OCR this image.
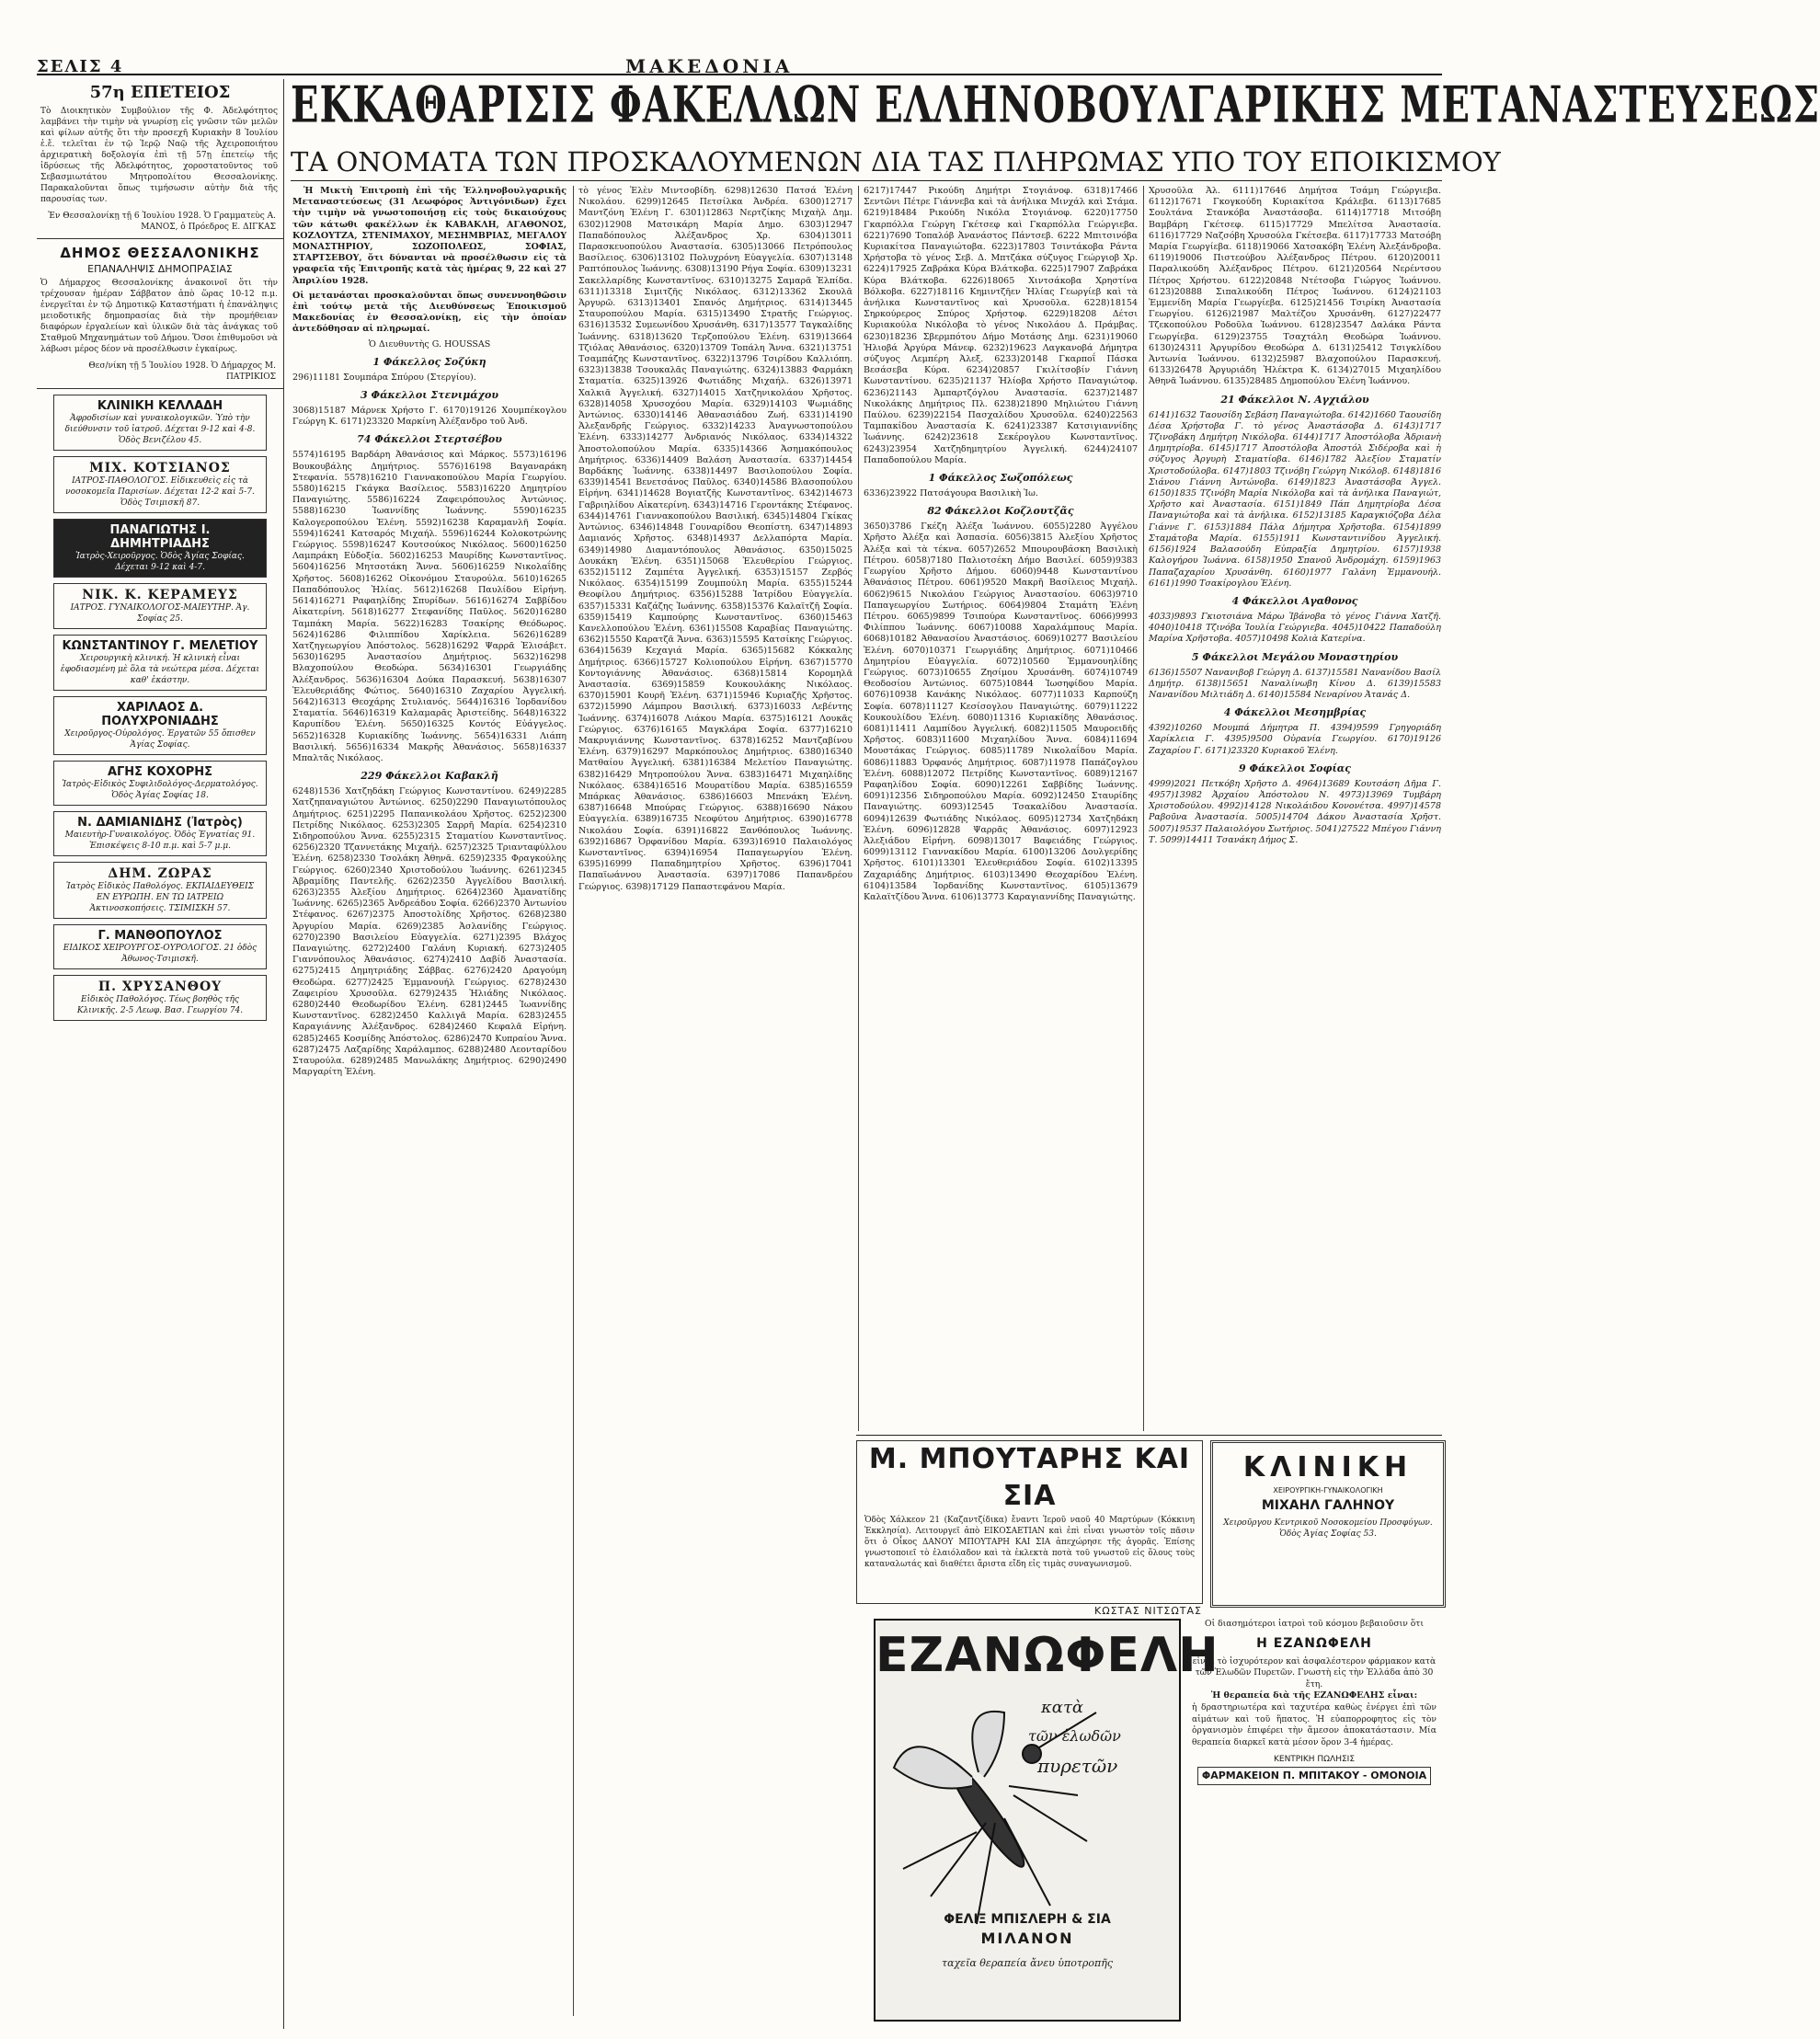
ΣΕΛΙΣ 4	ΜΑΚΕΔΟΝΙΑ
57η ΕΠΕΤΕΙΟΣ
Τὸ Διοικητικὸν Συμβούλιον τῆς Φ. Ἀδελφότητος λαμβάνει τὴν τιμὴν νὰ γνωρίσῃ εἰς γνῶσιν τῶν μελῶν καὶ φίλων αὐτῆς ὅτι τὴν προσεχῆ Κυριακὴν 8 Ἰουλίου ἑ.ἔ. τελεῖται ἐν τῷ Ἱερῷ Ναῷ τῆς Ἀχειροποιήτου ἀρχιερατικὴ δοξολογία ἐπὶ τῇ 57ῃ ἐπετείῳ τῆς ἱδρύσεως τῆς Ἀδελφότητος, χοροστατοῦντος τοῦ Σεβασμιωτάτου Μητροπολίτου Θεσσαλονίκης. Παρακαλοῦνται ὅπως τιμήσωσιν αὐτὴν διὰ τῆς παρουσίας των.
Ἐν Θεσσαλονίκῃ τῇ 6 Ἰουλίου 1928. Ὁ Γραμματεὺς Α. ΜΑΝΟΣ, ὁ Πρόεδρος Ε. ΔΙΓΚΑΣ
ΔΗΜΟΣ ΘΕΣΣΑΛΟΝΙΚΗΣ
ΕΠΑΝΑΛΗΨΙΣ ΔΗΜΟΠΡΑΣΙΑΣ
Ὁ Δήμαρχος Θεσσαλονίκης ἀνακοινοῖ ὅτι τὴν τρέχουσαν ἡμέραν Σάββατον ἀπὸ ὥρας 10-12 π.μ. ἐνεργεῖται ἐν τῷ Δημοτικῷ Καταστήματι ἡ ἐπανάληψις μειοδοτικῆς δημοπρασίας διὰ τὴν προμήθειαν διαφόρων ἐργαλείων καὶ ὑλικῶν διὰ τὰς ἀνάγκας τοῦ Σταθμοῦ Μηχανημάτων τοῦ Δήμου. Ὅσοι ἐπιθυμοῦσι νὰ λάβωσι μέρος δέον νὰ προσέλθωσιν ἐγκαίρως.
Θεσ/νίκη τῇ 5 Ἰουλίου 1928. Ὁ Δήμαρχος Μ. ΠΑΤΡΙΚΙΟΣ
ΚΛΙΝΙΚΗ ΚΕΛΛΑΔΗ
Ἀφροδισίων καὶ γυναικολογικῶν. Ὑπὸ τὴν διεύθυνσιν τοῦ ἰατροῦ. Δέχεται 9-12 καὶ 4-8. Ὁδὸς Βενιζέλου 45.
ΜΙΧ. ΚΟΤΣΙΑΝΟΣ
ΙΑΤΡΟΣ-ΠΑΘΟΛΟΓΟΣ. Εἰδικευθεὶς εἰς τὰ νοσοκομεῖα Παρισίων. Δέχεται 12-2 καὶ 5-7. Ὁδὸς Τσιμισκῆ 87.
ΠΑΝΑΓΙΩΤΗΣ Ι. ΔΗΜΗΤΡΙΑΔΗΣ
Ἰατρὸς-Χειροῦργος. Ὁδὸς Ἁγίας Σοφίας. Δέχεται 9-12 καὶ 4-7.
ΝΙΚ. Κ. ΚΕΡΑΜΕΥΣ
ΙΑΤΡΟΣ. ΓΥΝΑΙΚΟΛΟΓΟΣ-ΜΑΙΕΥΤΗΡ. Ἁγ. Σοφίας 25.
ΚΩΝΣΤΑΝΤΙΝΟΥ Γ. ΜΕΛΕΤΙΟΥ
Χειρουργικὴ κλινική. Ἡ κλινικὴ εἶναι ἐφοδιασμένη μὲ ὅλα τὰ νεώτερα μέσα. Δέχεται καθ' ἑκάστην.
ΧΑΡΙΛΑΟΣ Δ. ΠΟΛΥΧΡΟΝΙΑΔΗΣ
Χειροῦργος-Οὐρολόγος. Ἐργατῶν 55 ὄπισθεν Ἁγίας Σοφίας.
ΑΓΗΣ ΚΟΧΟΡΗΣ
Ἰατρὸς-Εἰδικὸς Συφιλιδολόγος-Δερματολόγος. Ὁδὸς Ἁγίας Σοφίας 18.
Ν. ΔΑΜΙΑΝΙΔΗΣ (Ἰατρὸς)
Μαιευτὴρ-Γυναικολόγος. Ὁδὸς Ἐγνατίας 91. Ἐπισκέψεις 8-10 π.μ. καὶ 5-7 μ.μ.
ΔΗΜ. ΖΩΡΑΣ
Ἰατρὸς Εἰδικὸς Παθολόγος. ΕΚΠΑΙΔΕΥΘΕΙΣ ΕΝ ΕΥΡΩΠΗ. ΕΝ ΤΩ ΙΑΤΡΕΙΩ Ἀκτινοσκοπήσεις. ΤΣΙΜΙΣΚΗ 57.
Γ. ΜΑΝΘΟΠΟΥΛΟΣ
ΕΙΔΙΚΟΣ ΧΕΙΡΟΥΡΓΟΣ-ΟΥΡΟΛΟΓΟΣ. 21 ὁδὸς Ἀθωνος-Τσιμισκῆ.
Π. ΧΡΥΣΑΝΘΟΥ
Εἰδικὸς Παθολόγος. Τέως βοηθὸς τῆς Κλινικῆς. 2-5 Λεωφ. Βασ. Γεωργίου 74.
ΕΚΚΑΘΑΡΙΣΙΣ ΦΑΚΕΛΛΩΝ ΕΛΛΗΝΟΒΟΥΛΓΑΡΙΚΗΣ ΜΕΤΑΝΑΣΤΕΥΣΕΩΣ
ΤΑ ΟΝΟΜΑΤΑ ΤΩΝ ΠΡΟΣΚΑΛΟΥΜΕΝΩΝ ΔΙΑ ΤΑΣ ΠΛΗΡΩΜΑΣ ΥΠΟ ΤΟΥ ΕΠΟΙΚΙΣΜΟΥ

Ἡ Μικτὴ Ἐπιτροπὴ ἐπὶ τῆς Ἑλληνοβουλγαρικῆς Μεταναστεύσεως (31 Λεωφόρος Ἀντιγόνιδων) ἔχει τὴν τιμὴν νὰ γνωστοποιήσῃ εἰς τοὺς δικαιούχους τῶν κάτωθι φακέλλων ἐκ ΚΑΒΑΚΛΗ, ΑΓΑΘΟΝΟΣ, ΚΟΖΛΟΥΤΖΑ, ΣΤΕΝΙΜΑΧΟΥ, ΜΕΣΗΜΒΡΙΑΣ, ΜΕΓΑΛΟΥ ΜΟΝΑΣΤΗΡΙΟΥ, ΣΩΖΟΠΟΛΕΩΣ, ΣΟΦΙΑΣ, ΣΤΑΡΤΣΕΒΟΥ, ὅτι δύνανται νὰ προσέλθωσιν εἰς τὰ γραφεῖα τῆς Ἐπιτροπῆς κατὰ τὰς ἡμέρας 9, 22 καὶ 27 Ἀπριλίου 1928.

Οἱ μετανάσται προσκαλοῦνται ὅπως συνεννοηθῶσιν ἐπὶ τούτῳ μετὰ τῆς Διευθύνσεως Ἐποικισμοῦ Μακεδονίας ἐν Θεσσαλονίκῃ, εἰς τὴν ὁποίαν ἀντεδόθησαν αἱ πληρωμαί.

Ὁ Διευθυντὴς G. HOUSSAS

1 Φάκελλος Σοζύκη

296)11181 Σουμπάρα Σπύρου (Στεργίου).

3 Φάκελλοι Στενιμάχου

3068)15187 Μάρνεκ Χρήστο Γ. 6170)19126 Χουμπέκογλου Γεώργη Κ. 6171)23320 Μαρκίνη Ἀλέξανδρο τοῦ Ἀνδ.

74 Φάκελλοι Στερτσέβου

5574)16195 Βαρδάρη Ἀθανάσιος καὶ Μάρκος. 5573)16196 Βουκουβάλης Δημήτριος. 5576)16198 Βαγαναράκη Στεφανία. 5578)16210 Γιαννακοπούλου Μαρία Γεωργίου. 5580)16215 Γκάγκα Βασίλειος. 5583)16220 Δημητρίου Παναγιώτης. 5586)16224 Ζαφειρόπουλος Ἀντώνιος. 5588)16230 Ἰωαννίδης Ἰωάννης. 5590)16235 Καλογεροπούλου Ἑλένη. 5592)16238 Καραμανλῆ Σοφία. 5594)16241 Κατσαρός Μιχαήλ. 5596)16244 Κολοκοτρώνης Γεώργιος. 5598)16247 Κουτσούκος Νικόλαος. 5600)16250 Λαμπράκη Εὐδοξία. 5602)16253 Μαυρίδης Κωνσταντῖνος. 5604)16256 Μητσοτάκη Ἄννα. 5606)16259 Νικολαΐδης Χρῆστος. 5608)16262 Οἰκονόμου Σταυρούλα. 5610)16265 Παπαδόπουλος Ἠλίας. 5612)16268 Παυλίδου Εἰρήνη. 5614)16271 Ραφαηλίδης Σπυρίδων. 5616)16274 Σαββίδου Αἰκατερίνη. 5618)16277 Στεφανίδης Παῦλος. 5620)16280 Ταμπάκη Μαρία. 5622)16283 Τσακίρης Θεόδωρος. 5624)16286 Φιλιππίδου Χαρίκλεια. 5626)16289 Χατζηγεωργίου Ἀπόστολος. 5628)16292 Ψαρρᾶ Ἐλισάβετ. 5630)16295 Ἀναστασίου Δημήτριος. 5632)16298 Βλαχοπούλου Θεοδώρα. 5634)16301 Γεωργιάδης Ἀλέξανδρος. 5636)16304 Δούκα Παρασκευή. 5638)16307 Ἐλευθεριάδης Φώτιος. 5640)16310 Ζαχαρίου Ἀγγελική. 5642)16313 Θεοχάρης Στυλιανός. 5644)16316 Ἰορδανίδου Σταματία. 5646)16319 Καλαμαρᾶς Ἀριστείδης. 5648)16322 Καρυπίδου Ἑλένη. 5650)16325 Κοντός Εὐάγγελος. 5652)16328 Κυριακίδης Ἰωάννης. 5654)16331 Λιάπη Βασιλική. 5656)16334 Μακρῆς Ἀθανάσιος. 5658)16337 Μπαλτᾶς Νικόλαος.

229 Φάκελλοι Καβακλῆ

6248)1536 Χατζηδάκη Γεώργιος Κωνσταντίνου. 6249)2285 Χατζηπαναγιώτου Ἀντώνιος. 6250)2290 Παναγιωτόπουλος Δημήτριος. 6251)2295 Παπανικολάου Χρῆστος. 6252)2300 Πετρίδης Νικόλαος. 6253)2305 Σαρρῆ Μαρία. 6254)2310 Σιδηροπούλου Ἄννα. 6255)2315 Σταματίου Κωνσταντῖνος. 6256)2320 Τζαννετάκης Μιχαήλ. 6257)2325 Τριανταφύλλου Ἑλένη. 6258)2330 Τσολάκη Ἀθηνᾶ. 6259)2335 Φραγκούλης Γεώργιος. 6260)2340 Χριστοδούλου Ἰωάννης. 6261)2345 Ἀβραμίδης Παντελῆς. 6262)2350 Ἀγγελίδου Βασιλική. 6263)2355 Ἀλεξίου Δημήτριος. 6264)2360 Ἀμανατίδης Ἰωάννης. 6265)2365 Ἀνδρεάδου Σοφία. 6266)2370 Ἀντωνίου Στέφανος. 6267)2375 Ἀποστολίδης Χρῆστος. 6268)2380 Ἀργυρίου Μαρία. 6269)2385 Ἀσλανίδης Γεώργιος. 6270)2390 Βασιλείου Εὐαγγελία. 6271)2395 Βλάχος Παναγιώτης. 6272)2400 Γαλάνη Κυριακή. 6273)2405 Γιαννόπουλος Ἀθανάσιος. 6274)2410 Δαβίδ Ἀναστασία. 6275)2415 Δημητριάδης Σάββας. 6276)2420 Δραγούμη Θεοδώρα. 6277)2425 Ἐμμανουήλ Γεώργιος. 6278)2430 Ζαφειρίου Χρυσοῦλα. 6279)2435 Ἠλιάδης Νικόλαος. 6280)2440 Θεοδωρίδου Ἑλένη. 6281)2445 Ἰωαννίδης Κωνσταντῖνος. 6282)2450 Καλλιγᾶ Μαρία. 6283)2455 Καραγιάννης Ἀλέξανδρος. 6284)2460 Κεφαλᾶ Εἰρήνη. 6285)2465 Κοσμίδης Ἀπόστολος. 6286)2470 Κυπραίου Ἄννα. 6287)2475 Λαζαρίδης Χαράλαμπος. 6288)2480 Λεονταρίδου Σταυρούλα. 6289)2485 Μανωλάκης Δημήτριος. 6290)2490 Μαργαρίτη Ἑλένη.

τὸ γένος Ἐλὲν Μιντσοβίδη. 6298)12630 Πατσά Ἑλένη Νικολάου. 6299)12645 Πετσίλκα Ἀνδρέα. 6300)12717 Μαντζόνη Ἑλένη Γ. 6301)12863 Νερτζίκης Μιχαὴλ Δημ. 6302)12908 Ματσικάρη Μαρία Δημο. 6303)12947 Παπαδόπουλος Ἀλέξανδρος Χρ. 6304)13011 Παρασκευοπούλου Ἀναστασία. 6305)13066 Πετρόπουλος Βασίλειος. 6306)13102 Πολυχρόνη Εὐαγγελία. 6307)13148 Ραπτόπουλος Ἰωάννης. 6308)13190 Ρήγα Σοφία. 6309)13231 Σακελλαρίδης Κωνσταντῖνος. 6310)13275 Σαμαρᾶ Ἐλπίδα. 6311)13318 Σιμιτζῆς Νικόλαος. 6312)13362 Σκουλᾶ Ἀργυρῶ. 6313)13401 Σπανός Δημήτριος. 6314)13445 Σταυροπούλου Μαρία. 6315)13490 Στρατῆς Γεώργιος. 6316)13532 Συμεωνίδου Χρυσάνθη. 6317)13577 Ταγκαλίδης Ἰωάννης. 6318)13620 Τερζοπούλου Ἑλένη. 6319)13664 Τζιόλας Ἀθανάσιος. 6320)13709 Τοπάλη Ἄννα. 6321)13751 Τσαμπάζης Κωνσταντῖνος. 6322)13796 Τσιρίδου Καλλιόπη. 6323)13838 Τσουκαλᾶς Παναγιώτης. 6324)13883 Φαρμάκη Σταματία. 6325)13926 Φωτιάδης Μιχαήλ. 6326)13971 Χαλκιᾶ Ἀγγελική. 6327)14015 Χατζηνικολάου Χρῆστος. 6328)14058 Χρυσοχόου Μαρία. 6329)14103 Ψωμιάδης Ἀντώνιος. 6330)14146 Ἀθανασιάδου Ζωή. 6331)14190 Ἀλεξανδρῆς Γεώργιος. 6332)14233 Ἀναγνωστοπούλου Ἑλένη. 6333)14277 Ἀνδριανός Νικόλαος. 6334)14322 Ἀποστολοπούλου Μαρία. 6335)14366 Ἀσημακόπουλος Δημήτριος. 6336)14409 Βαλάση Ἀναστασία. 6337)14454 Βαρδάκης Ἰωάννης. 6338)14497 Βασιλοπούλου Σοφία. 6339)14541 Βενετσάνος Παῦλος. 6340)14586 Βλασοπούλου Εἰρήνη. 6341)14628 Βογιατζῆς Κωνσταντῖνος. 6342)14673 Γαβριηλίδου Αἰκατερίνη. 6343)14716 Γεροντάκης Στέφανος. 6344)14761 Γιαννακοπούλου Βασιλική. 6345)14804 Γκίκας Ἀντώνιος. 6346)14848 Γουναρίδου Θεοπίστη. 6347)14893 Δαμιανός Χρῆστος. 6348)14937 Δελλαπόρτα Μαρία. 6349)14980 Διαμαντόπουλος Ἀθανάσιος. 6350)15025 Δουκάκη Ἑλένη. 6351)15068 Ἐλευθερίου Γεώργιος. 6352)15112 Ζαμπέτα Ἀγγελική. 6353)15157 Ζερβός Νικόλαος. 6354)15199 Ζουμπούλη Μαρία. 6355)15244 Θεοφίλου Δημήτριος. 6356)15288 Ἰατρίδου Εὐαγγελία. 6357)15331 Καζάζης Ἰωάννης. 6358)15376 Καλαϊτζῆ Σοφία. 6359)15419 Καμπούρης Κωνσταντῖνος. 6360)15463 Κανελλοπούλου Ἑλένη. 6361)15508 Καραβίας Παναγιώτης. 6362)15550 Καρατζᾶ Ἄννα. 6363)15595 Κατσίκης Γεώργιος. 6364)15639 Κεχαγιά Μαρία. 6365)15682 Κόκκαλης Δημήτριος. 6366)15727 Κολιοπούλου Εἰρήνη. 6367)15770 Κοντογιάννης Ἀθανάσιος. 6368)15814 Κορομηλᾶ Ἀναστασία. 6369)15859 Κουκουλάκης Νικόλαος. 6370)15901 Κουρῆ Ἑλένη. 6371)15946 Κυριαζῆς Χρῆστος. 6372)15990 Λάμπρου Βασιλική. 6373)16033 Λεβέντης Ἰωάννης. 6374)16078 Λιάκου Μαρία. 6375)16121 Λουκᾶς Γεώργιος. 6376)16165 Μαγκλάρα Σοφία. 6377)16210 Μακρυγιάννης Κωνσταντῖνος. 6378)16252 Μαντζαβίνου Ἑλένη. 6379)16297 Μαρκόπουλος Δημήτριος. 6380)16340 Ματθαίου Ἀγγελική. 6381)16384 Μελετίου Παναγιώτης. 6382)16429 Μητροπούλου Ἄννα. 6383)16471 Μιχαηλίδης Νικόλαος. 6384)16516 Μουρατίδου Μαρία. 6385)16559 Μπάρκας Ἀθανάσιος. 6386)16603 Μπενάκη Ἑλένη. 6387)16648 Μπούρας Γεώργιος. 6388)16690 Νάκου Εὐαγγελία. 6389)16735 Νεοφύτου Δημήτριος. 6390)16778 Νικολάου Σοφία. 6391)16822 Ξανθόπουλος Ἰωάννης. 6392)16867 Ὀρφανίδου Μαρία. 6393)16910 Παλαιολόγος Κωνσταντῖνος. 6394)16954 Παπαγεωργίου Ἑλένη. 6395)16999 Παπαδημητρίου Χρῆστος. 6396)17041 Παπαϊωάννου Ἀναστασία. 6397)17086 Παπανδρέου Γεώργιος. 6398)17129 Παπαστεφάνου Μαρία.

6217)17447 Ρικούδη Δημήτρι Στογιάνοφ. 6318)17466 Σεντῶνι Πέτρε Γιάννεβα καὶ τὰ ἀνήλικα Μινχάλ καὶ Στάμα. 6219)18484 Ρικούδη Νικόλα Στογιάνοφ. 6220)17750 Γκαρπόλλα Γεώργη Γκέτσεφ καὶ Γκαρπόλλα Γεώργιεβα. 6221)7690 Τοπαλόβ Ἀνανάστος Πάντσεβ. 6222 Μπιτσινόβα Κυριακίτσα Παναγιώτοβα. 6223)17803 Τσιντάκοβα Ράντα Χρήστοβα τὸ γένος Σεβ. Δ. Μπτζάκα σύζυγος Γεώργιοβ Χρ. 6224)17925 Ζαβράκα Κύρα Βλάτκοβα. 6225)17907 Ζαβράκα Κύρα Βλάτκοβα. 6226)18065 Χιντσάκοβα Χρηστίνα Βόλκοβα. 6227)18116 Κημιντζῆεν Ἠλίας Γεωργίεβ καὶ τὰ ἀνήλικα Κωνσταντῖνος καὶ Χρυσοῦλα. 6228)18154 Σηρκούρερος Σπύρος Χρήστοφ. 6229)18208 Δέτσι Κυριακούλα Νικόλοβα τὸ γένος Νικολάου Δ. Πράμβας. 6230)18236 Σβερμπότου Δήμο Μοτάσης Δημ. 6231)19060 Ἠλιοβά Ἀργύρα Μάνεφ. 6232)19623 Λαγκανοβά Δήμητρα σύζυγος Λεμπέρη Ἀλεξ. 6233)20148 Γκαρποΐ Πάσκα Βεσάσεβα Κύρα. 6234)20857 Γκιλίτσοβίν Γιάννη Κωνσταντίνου. 6235)21137 Ἠλίοβα Χρήστο Παναγιώτοφ. 6236)21143 Ἀμπαρτζόγλου Ἀναστασία. 6237)21487 Νικολάκης Δημήτριος Πλ. 6238)21890 Μηλιώτου Γιάννη Παύλου. 6239)22154 Πασχαλίδου Χρυσοῦλα. 6240)22563 Ταμπακίδου Ἀναστασία Κ. 6241)23387 Κατσιγιαννίδης Ἰωάννης. 6242)23618 Σεκέρογλου Κωνσταντῖνος. 6243)23954 Χατζηδημητρίου Ἀγγελική. 6244)24107 Παπαδοπούλου Μαρία.

1 Φάκελλος Σωζοπόλεως

6336)23922 Πατσάγουρα Βασιλικὴ Ἰω.

82 Φάκελλοι Κοζλουτζᾶς

3650)3786 Γκέζη Ἀλέξα Ἰωάννου. 6055)2280 Ἀγγέλου Χρῆστο Ἀλέξα καὶ Ἀσπασία. 6056)3815 Ἀλεξίου Χρῆστος Ἀλέξα καὶ τὰ τέκνα. 6057)2652 Μπουρουβάσκη Βασιλικὴ Πέτρου. 6058)7180 Παλιοτσέκη Δήμο Βασιλεί. 6059)9383 Γεωργίου Χρῆστο Δήμου. 6060)9448 Κωνσταντίνου Ἀθανάσιος Πέτρου. 6061)9520 Μακρῆ Βασίλειος Μιχαήλ. 6062)9615 Νικολάου Γεώργιος Ἀναστασίου. 6063)9710 Παπαγεωργίου Σωτήριος. 6064)9804 Σταμάτη Ἑλένη Πέτρου. 6065)9899 Τσιπούρα Κωνσταντῖνος. 6066)9993 Φιλίππου Ἰωάννης. 6067)10088 Χαραλάμπους Μαρία. 6068)10182 Ἀθανασίου Ἀναστάσιος. 6069)10277 Βασιλείου Ἑλένη. 6070)10371 Γεωργιάδης Δημήτριος. 6071)10466 Δημητρίου Εὐαγγελία. 6072)10560 Ἐμμανουηλίδης Γεώργιος. 6073)10655 Ζησίμου Χρυσάνθη. 6074)10749 Θεοδοσίου Ἀντώνιος. 6075)10844 Ἰωσηφίδου Μαρία. 6076)10938 Κανάκης Νικόλαος. 6077)11033 Καρπούζη Σοφία. 6078)11127 Κεσίσογλου Παναγιώτης. 6079)11222 Κουκουλίδου Ἑλένη. 6080)11316 Κυριακίδης Ἀθανάσιος. 6081)11411 Λαμπίδου Ἀγγελική. 6082)11505 Μαυροειδῆς Χρῆστος. 6083)11600 Μιχαηλίδου Ἄννα. 6084)11694 Μουστάκας Γεώργιος. 6085)11789 Νικολαΐδου Μαρία. 6086)11883 Ὀρφανός Δημήτριος. 6087)11978 Παπάζογλου Ἑλένη. 6088)12072 Πετρίδης Κωνσταντῖνος. 6089)12167 Ραφαηλίδου Σοφία. 6090)12261 Σαββίδης Ἰωάννης. 6091)12356 Σιδηροπούλου Μαρία. 6092)12450 Σταυρίδης Παναγιώτης. 6093)12545 Τσακαλίδου Ἀναστασία. 6094)12639 Φωτιάδης Νικόλαος. 6095)12734 Χατζηδάκη Ἑλένη. 6096)12828 Ψαρρᾶς Ἀθανάσιος. 6097)12923 Ἀλεξιάδου Εἰρήνη. 6098)13017 Βαφειάδης Γεώργιος. 6099)13112 Γιαννακίδου Μαρία. 6100)13206 Δουλγερίδης Χρῆστος. 6101)13301 Ἐλευθεριάδου Σοφία. 6102)13395 Ζαχαριάδης Δημήτριος. 6103)13490 Θεοχαρίδου Ἑλένη. 6104)13584 Ἰορδανίδης Κωνσταντῖνος. 6105)13679 Καλαϊτζίδου Ἄννα. 6106)13773 Καραγιαννίδης Παναγιώτης.

Χρυσοῦλα Ἀλ. 6111)17646 Δημήτσα Τσάμη Γεώργιεβα. 6112)17671 Γκογκούδη Κυριακίτσα Κράλεβα. 6113)17685 Σουλτάνα Στανκόβα Ἀναστάσοβα. 6114)17718 Μιτσόβη Βαμβάρη Γκέτσεφ. 6115)17729 Μπελίτσα Ἀναστασία. 6116)17729 Ναζσόβη Χρυσούλα Γκέτσεβα. 6117)17733 Ματσόβη Μαρία Γεωργίεβα. 6118)19066 Χατσακόβη Ἑλένη Ἀλεξάνδροβα. 6119)19006 Πιστεούβου Ἀλέξανδρος Πέτρου. 6120)20011 Παραλικούδη Ἀλέξανδρος Πέτρου. 6121)20564 Νερέντσου Πέτρος Χρήστου. 6122)20848 Ντέτσοβα Γιώργος Ἰωάννου. 6123)20888 Σιπαλικούδη Πέτρος Ἰωάννου. 6124)21103 Ἐμμενίδη Μαρία Γεωργίεβα. 6125)21456 Τσιρίκη Ἀναστασία Γεωργίου. 6126)21987 Μαλτέζου Χρυσάνθη. 6127)22477 Τζεκοπούλου Ροδοῦλα Ἰωάννου. 6128)23547 Δαλάκα Ράντα Γεωργίεβα. 6129)23755 Τσαχτάλη Θεοδώρα Ἰωάννου. 6130)24311 Ἀργυρίδου Θεοδώρα Δ. 6131)25412 Τσιγκλίδου Ἀντωνία Ἰωάννου. 6132)25987 Βλαχοπούλου Παρασκευή. 6133)26478 Ἀργυριάδη Ἠλέκτρα Κ. 6134)27015 Μιχαηλίδου Ἀθηνᾶ Ἰωάννου. 6135)28485 Δημοπούλου Ἑλένη Ἰωάννου.

21 Φάκελλοι Ν. Αγχιάλου

6141)1632 Ταουσίδη Σεβάση Παναγιώτοβα. 6142)1660 Ταουσίδη Δέσα Χρήστοβα Γ. τὸ γένος Ἀναστάσοβα Δ. 6143)1717 Τζινοβάκη Δημήτρη Νικόλοβα. 6144)1717 Ἀποστόλοβα Ἀδριανὴ Δημητρίοβα. 6145)1717 Ἀποστόλοβα Ἀποστόλ Σιδέροβα καὶ ἡ σύζυγος Ἀργυρὴ Σταματίοβα. 6146)1782 Ἀλεξίου Σταματίν Χριστοδούλοβα. 6147)1803 Τζινόβη Γεώργη Νικόλοβ. 6148)1816 Σιάνου Γιάννη Ἀντώνοβα. 6149)1823 Ἀναστάσοβα Ἀγγελ. 6150)1835 Τζινόβη Μαρία Νικόλοβα καὶ τὰ ἀνήλικα Παναγιώτ, Χρῆστο καὶ Ἀναστασία. 6151)1849 Πάπ Δημητρίοβα Δέσα Παναγιώτοβα καὶ τὰ ἀνήλικα. 6152)13185 Καραγκιόζοβα Δέλα Γιάννε Γ. 6153)1884 Πάλα Δήμητρα Χρῆστοβα. 6154)1899 Σταμάτοβα Μαρία. 6155)1911 Κωνσταντινίδου Ἀγγελική. 6156)1924 Βαλασούδη Εὐπραξία Δημητρίου. 6157)1938 Καλογήρου Ἰωάννα. 6158)1950 Σπανοῦ Ἀνδρομάχη. 6159)1963 Παπαζαχαρίου Χρυσάνθη. 6160)1977 Γαλάνη Ἐμμανουήλ. 6161)1990 Τσακίρογλου Ἑλένη.

4 Φάκελλοι Αγαθονος

4033)9893 Γκιοτσιάνα Μάρω Ἰβάνοβα τὸ γένος Γιάννα Χατζῆ. 4040)10418 Τζινόβα Ἰουλία Γεώργιεβα. 4045)10422 Παπαδούλη Μαρίνα Χρῆστοβα. 4057)10498 Κολιὰ Κατερίνα.

5 Φάκελλοι Μεγάλου Μοναστηρίου

6136)15507 Νανανιβοβ Γεώργη Δ. 6137)15581 Νανανίδου Βασίλ Δημήτρ. 6138)15651 Ναναλίνωβη Κίνου Δ. 6139)15583 Νανανίδου Μιλτιάδη Δ. 6140)15584 Νεναρίνου Ἀτανάς Δ.

4 Φάκελλοι Μεσημβρίας

4392)10260 Μουμπά Δήμητρα Π. 4394)9599 Γρηγοριάδη Χαρίκλεια Γ. 4395)9500 Οὐρανία Γεωργίου. 6170)19126 Ζαχαρίου Γ. 6171)23320 Κυριακοῦ Ἐλένη.

9 Φάκελλοι Σοφίας

4999)2021 Πετκόβη Χρῆστο Δ. 4964)13689 Κουτσάση Δῆμα Γ. 4957)13982 Ἀρχαίου Ἀπόστολου Ν. 4973)13969 Τυμβάρη Χριστοδούλου. 4992)14128 Νικολάιδου Κονονέτσα. 4997)14578 Ραβοῦνα Ἀναστασία. 5005)14704 Δάκου Ἀναστασία Χρῆστ. 5007)19537 Παλαιολόγου Σωτήριος. 5041)27522 Μπέγου Γιάννη Τ. 5099)14411 Τσανάκη Δήμος Σ.

Μ. ΜΠΟΥΤΑΡΗΣ ΚΑΙ ΣΙΑ
Ὁδὸς Χάλκεον 21 (Καζαντζίδικα) ἔναντι Ἱεροῦ ναοῦ 40 Μαρτύρων (Κόκκινη Ἐκκλησία). Λειτουργεῖ ἀπὸ ΕΙΚΟΣΑΕΤΙΑΝ καὶ ἐπὶ εἶναι γνωστὸν τοῖς πᾶσιν ὅτι ὁ Οἶκος ΔΑΝΟΥ ΜΠΟΥΤΑΡΗ ΚΑΙ ΣΙΑ ἀπεχώρησε τῆς ἀγορᾶς. Ἐπίσης γνωστοποιεῖ τὸ ἐλαιόλαδον καὶ τὰ ἐκλεκτὰ ποτὰ τοῦ γνωστοῦ εἰς ὅλους τοὺς καταναλωτάς καὶ διαθέτει ἄριστα εἴδη εἰς τιμὰς συναγωνισμοῦ.
ΚΛΙΝΙΚΗ
ΧΕΙΡΟΥΡΓΙΚΗ-ΓΥΝΑΙΚΟΛΟΓΙΚΗ
ΜΙΧΑΗΛ ΓΑΛΗΝΟΥ
Χειροῦργου Κεντρικοῦ Νοσοκομείου Προσφύγων. Ὁδὸς Ἀγίας Σοφίας 53.
ΚΩΣΤΑΣ ΝΙΤΣΩΤΑΣ
ΕΖΑΝΩΦΕΛΗ
κατὰ
τῶν ἑλωδῶν
πυρετῶν
ΦΕΛΙΞ ΜΠΙΣΛΕΡΗ & ΣΙΑ
ΜΙΛΑΝΟΝ
ταχεῖα θεραπεία ἄνευ ὑποτροπῆς
Οἱ διασημότεροι ἰατροὶ τοῦ κόσμου βεβαιοῦσιν ὅτι
Η ΕΖΑΝΩΦΕΛΗ
εἶναι τὸ ἰσχυρότερον καὶ ἀσφαλέστερον φάρμακον κατὰ τῶν Ἑλωδῶν Πυρετῶν. Γνωστὴ εἰς τὴν Ἑλλάδα ἀπὸ 30 ἔτη.
Ἡ θεραπεία διὰ τῆς ΕΖΑΝΩΦΕΛΗΣ εἶναι:
ἡ δραστηριωτέρα καὶ ταχυτέρα καθὼς ἐνέργει ἐπὶ τῶν αἰμάτων καὶ τοῦ ἥπατος. Ἡ εὐαπορροφητος εἰς τὸν ὀργανισμὸν ἐπιφέρει τὴν ἄμεσον ἀποκατάστασιν. Μία θεραπεία διαρκεῖ κατὰ μέσον ὅρον 3-4 ἡμέρας.
ΚΕΝΤΡΙΚΗ ΠΩΛΗΣΙΣ
ΦΑΡΜΑΚΕΙΟΝ Π. ΜΠΙΤΑΚΟΥ - ΟΜΟΝΟΙΑ
